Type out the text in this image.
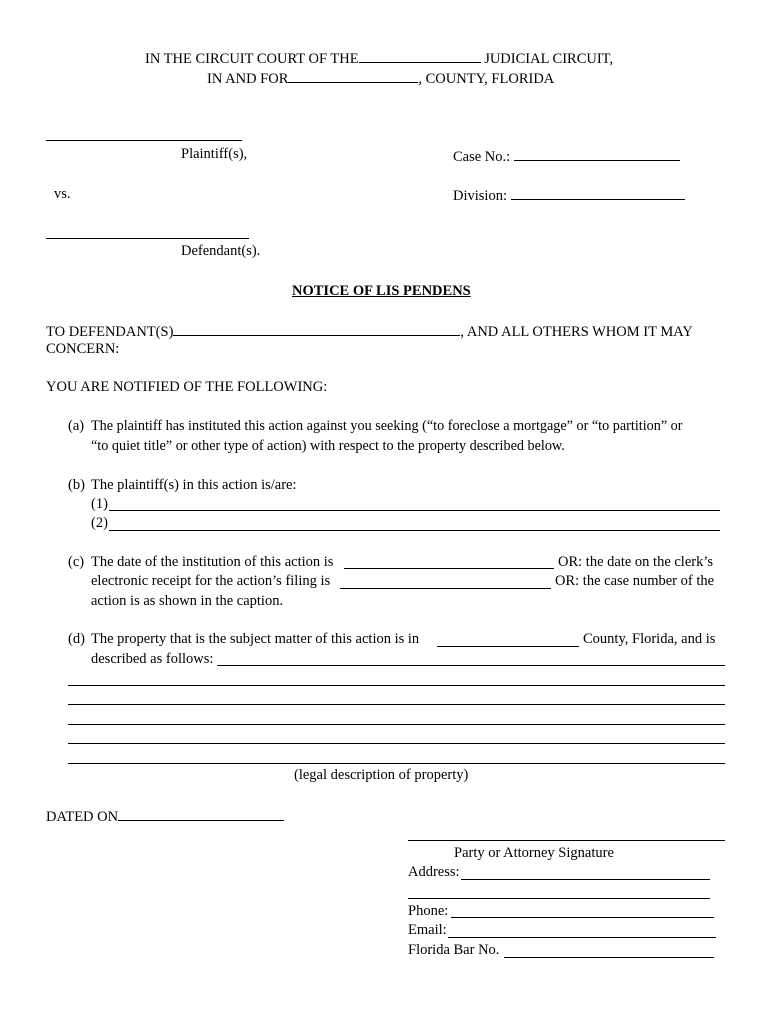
IN THE CIRCUIT COURT OF THE	JUDICIAL CIRCUIT,
IN AND FOR	, COUNTY, FLORIDA
Plaintiff(s),	Case No.:
vs.	Division:
Defendant(s).
NOTICE OF LIS PENDENS
TO DEFENDANT(S)	, AND ALL OTHERS WHOM IT MAY
CONCERN:
YOU ARE NOTIFIED OF THE FOLLOWING:
(a) The plaintiff has instituted this action against you seeking (“to foreclose a mortgage” or “to partition” or
“to quiet title” or other type of action) with respect to the property described below.
(b) The plaintiff(s) in this action is/are:
(1)
(2)
(c) The date of the institution of this action is	OR: the date on the clerk’s
electronic receipt for the action’s filing is	OR: the case number of the
action is as shown in the caption.
(d) The property that is the subject matter of this action is in	County, Florida, and is
described as follows:
(legal description of property)
DATED ON
Party or Attorney Signature
Address:
Phone:
Email:
Florida Bar No.
